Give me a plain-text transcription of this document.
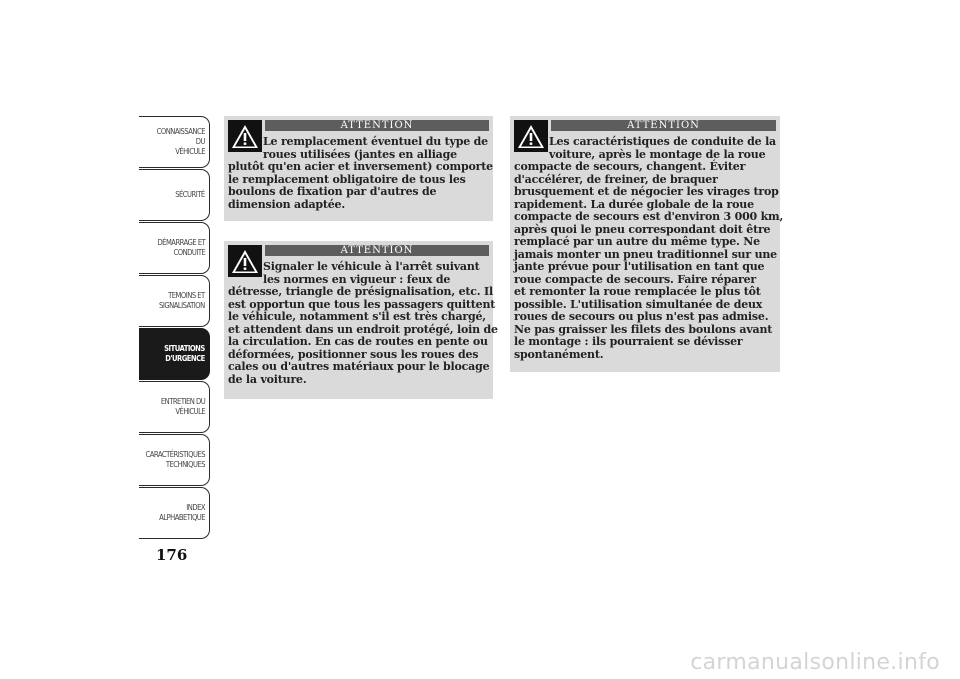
CONNAISSANCE DU
VÉHICULE
SÉCURITÉ
DÉMARRAGE ET
CONDUITE
TEMOINS ET
SIGNALISATION
SITUATIONS
D'URGENCE
ENTRETIEN DU
VÉHICULE
CARACTÉRISTIQUES
TECHNIQUES
INDEX
ALPHABETIQUE
176
ATTENTION
Le remplacement éventuel du type de
roues utilisées (jantes en alliage
plutôt qu'en acier et inversement) comporte
le remplacement obligatoire de tous les
boulons de fixation par d'autres de
dimension adaptée.
ATTENTION
Signaler le véhicule à l'arrêt suivant
les normes en vigueur : feux de
détresse, triangle de présignalisation, etc. Il
est opportun que tous les passagers quittent
le véhicule, notamment s'il est très chargé,
et attendent dans un endroit protégé, loin de
la circulation. En cas de routes en pente ou
déformées, positionner sous les roues des
cales ou d'autres matériaux pour le blocage
de la voiture.
ATTENTION
Les caractéristiques de conduite de la
voiture, après le montage de la roue
compacte de secours, changent. Éviter
d'accélérer, de freiner, de braquer
brusquement et de négocier les virages trop
rapidement. La durée globale de la roue
compacte de secours est d'environ 3 000 km,
après quoi le pneu correspondant doit être
remplacé par un autre du même type. Ne
jamais monter un pneu traditionnel sur une
jante prévue pour l'utilisation en tant que
roue compacte de secours. Faire réparer
et remonter la roue remplacée le plus tôt
possible. L'utilisation simultanée de deux
roues de secours ou plus n'est pas admise.
Ne pas graisser les filets des boulons avant
le montage : ils pourraient se dévisser
spontanément.
carmanualsonline.info
